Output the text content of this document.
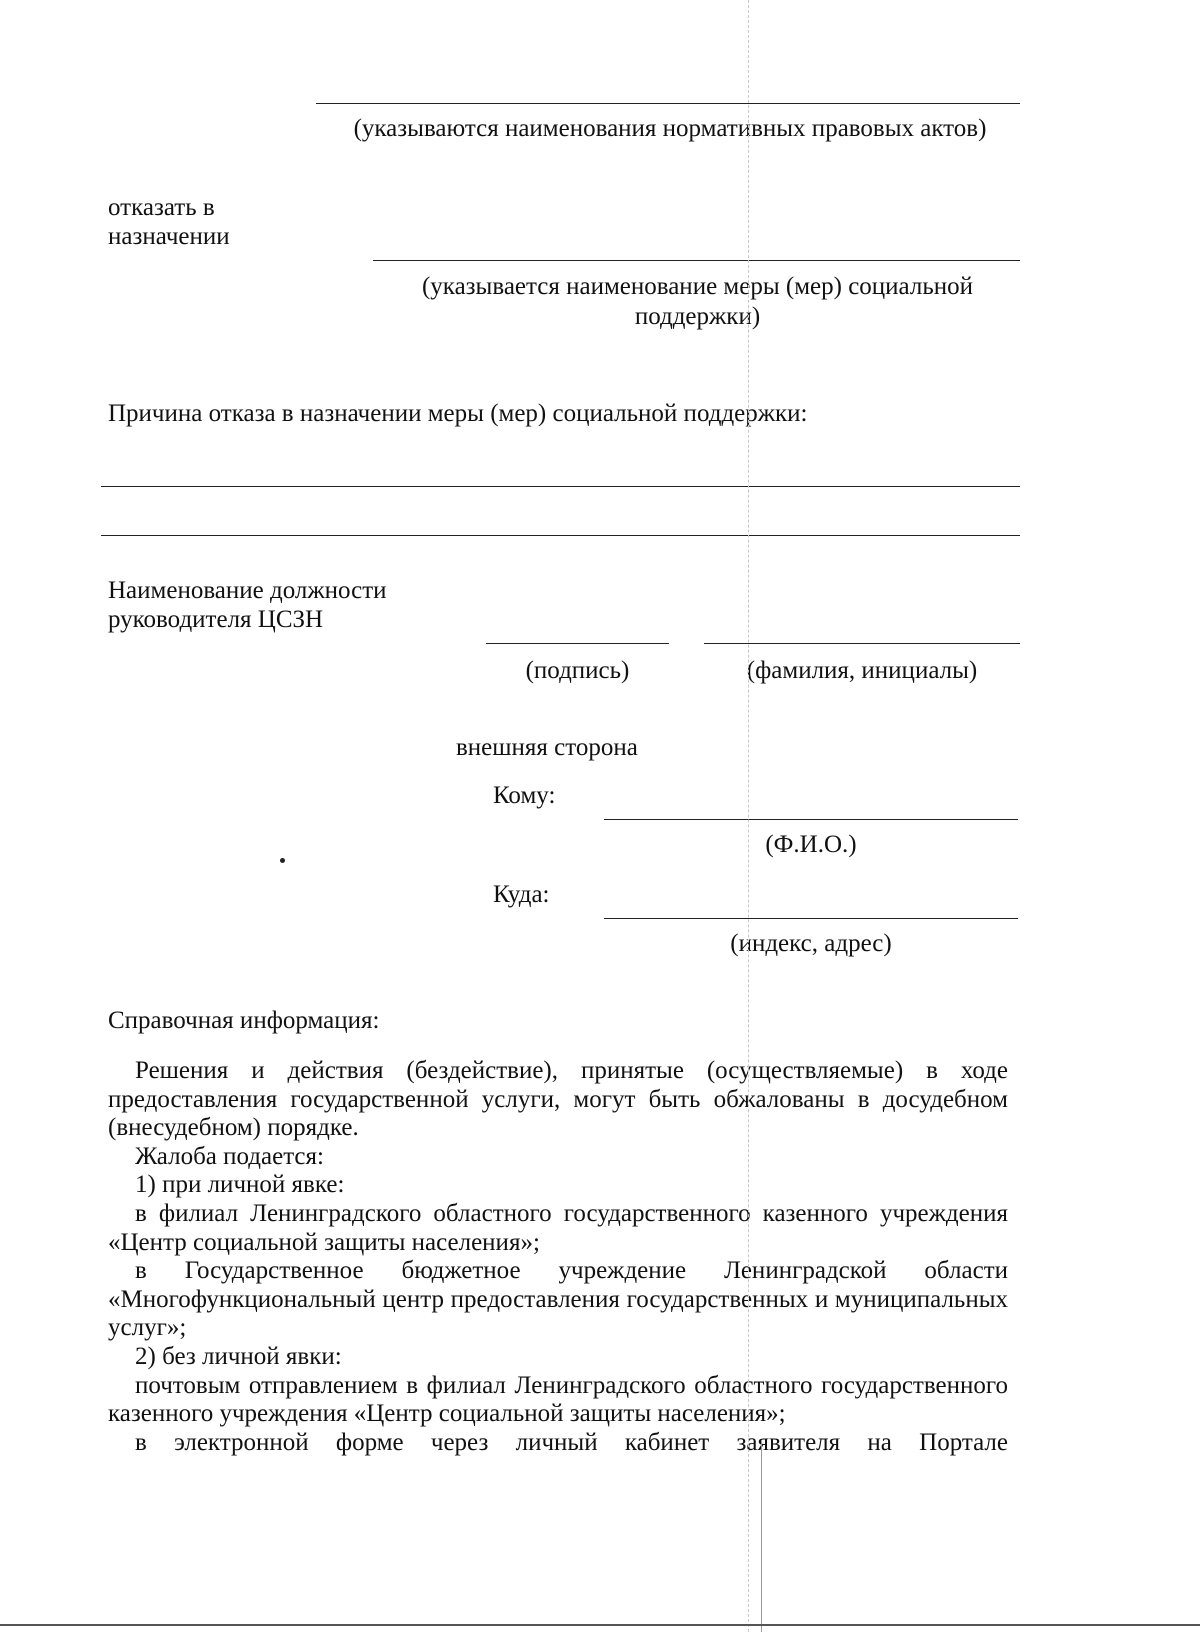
(указываются наименования нормативных правовых актов)
отказать в назначении
(указывается наименование меры (мер) социальной поддержки)
Причина отказа в назначении меры (мер) социальной поддержки:
Наименование должности руководителя ЦСЗН
(подпись)	(фамилия, инициалы)
внешняя сторона
Кому:
(Ф.И.О.)
Куда:
(индекс, адрес)
Справочная информация:

Решения и действия (бездействие), принятые (осуществляемые) в ходе предоставления государственной услуги, могут быть обжалованы в досудебном (внесудебном) порядке.

Жалоба подается:

1) при личной явке:

в филиал Ленинградского областного государственного казенного учреждения «Центр социальной защиты населения»;

в Государственное бюджетное учреждение Ленинградской области «Многофункциональный центр предоставления государственных и муниципальных услуг»;

2) без личной явки:

почтовым отправлением в филиал Ленинградского областного государственного казенного учреждения «Центр социальной защиты населения»;

в электронной форме через личный кабинет заявителя на Портале
